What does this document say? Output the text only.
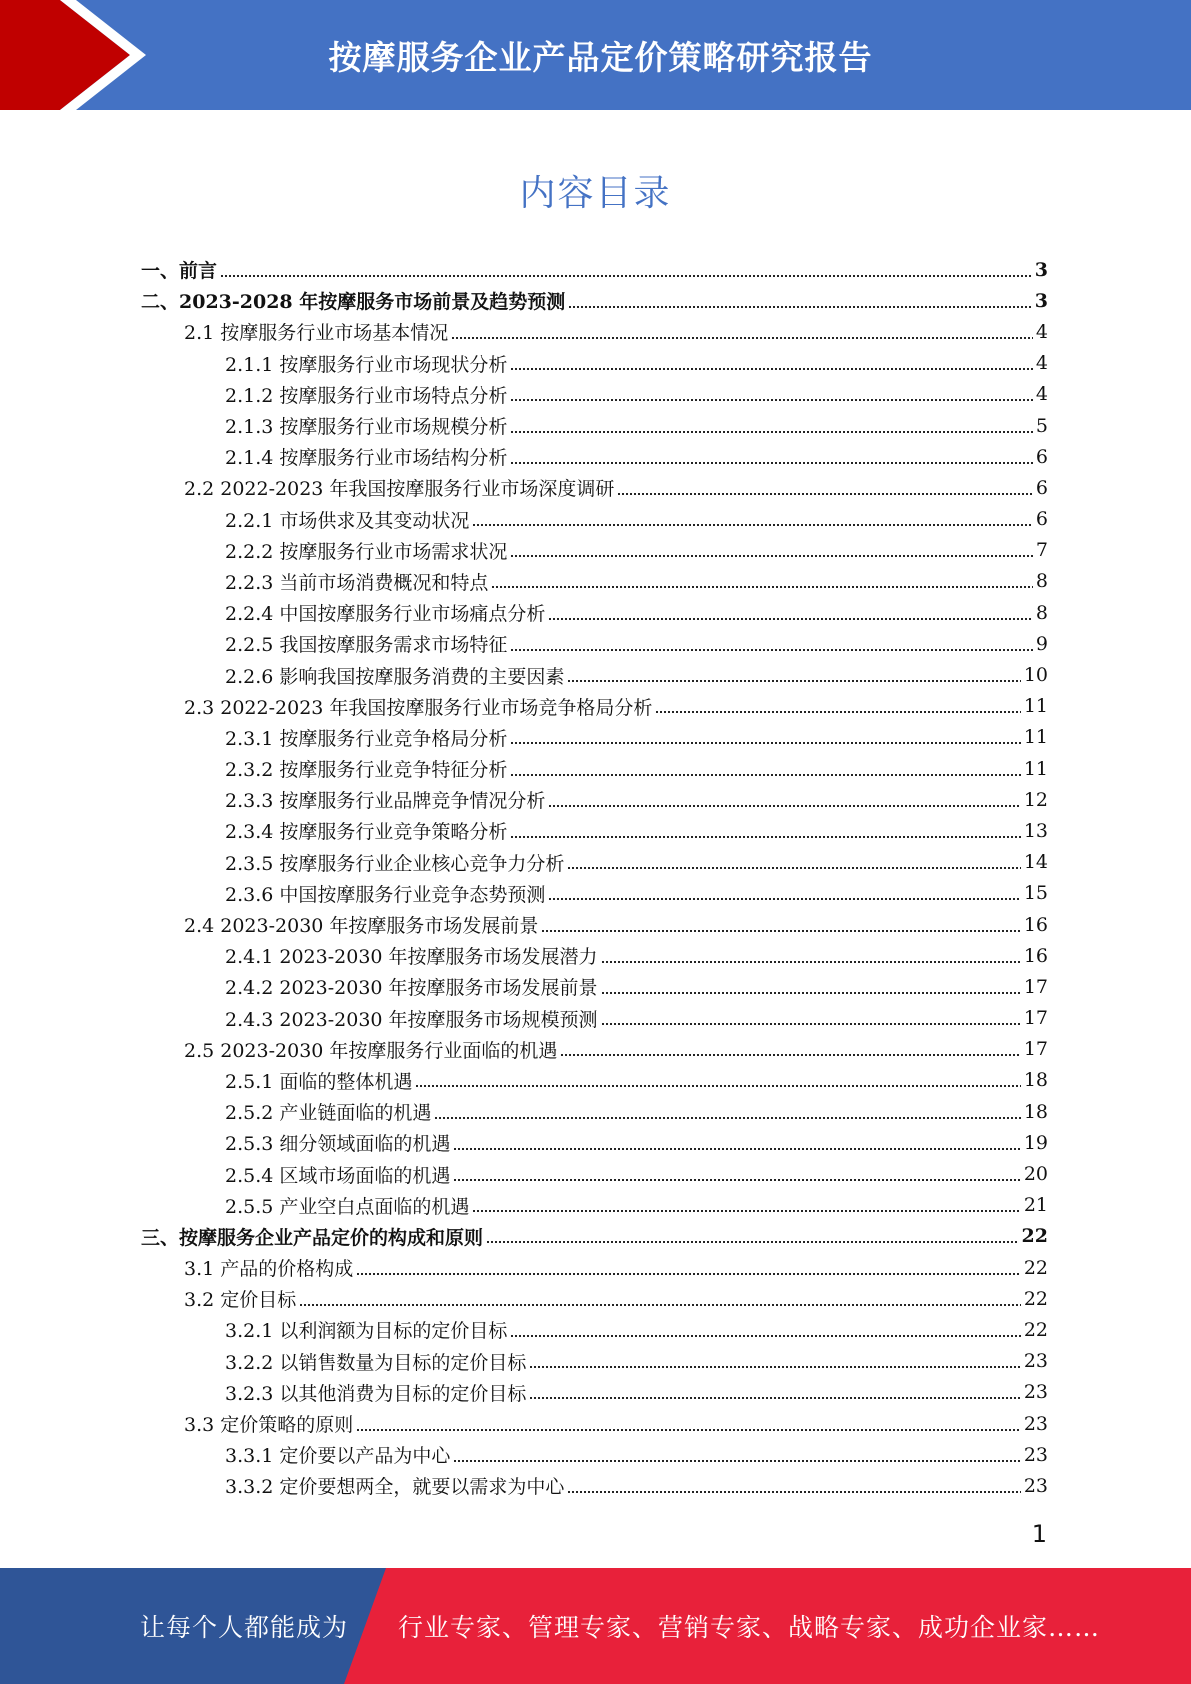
按摩服务企业产品定价策略研究报告
内容目录
一、前言	3
二、2023-2028 年按摩服务市场前景及趋势预测	3
2.1 按摩服务行业市场基本情况	4
2.1.1 按摩服务行业市场现状分析	4
2.1.2 按摩服务行业市场特点分析	4
2.1.3 按摩服务行业市场规模分析	5
2.1.4 按摩服务行业市场结构分析	6
2.2 2022-2023 年我国按摩服务行业市场深度调研	6
2.2.1 市场供求及其变动状况	6
2.2.2 按摩服务行业市场需求状况	7
2.2.3 当前市场消费概况和特点	8
2.2.4 中国按摩服务行业市场痛点分析	8
2.2.5 我国按摩服务需求市场特征	9
2.2.6 影响我国按摩服务消费的主要因素	10
2.3 2022-2023 年我国按摩服务行业市场竞争格局分析	11
2.3.1 按摩服务行业竞争格局分析	11
2.3.2 按摩服务行业竞争特征分析	11
2.3.3 按摩服务行业品牌竞争情况分析	12
2.3.4 按摩服务行业竞争策略分析	13
2.3.5 按摩服务行业企业核心竞争力分析	14
2.3.6 中国按摩服务行业竞争态势预测	15
2.4 2023-2030 年按摩服务市场发展前景	16
2.4.1 2023-2030 年按摩服务市场发展潜力	16
2.4.2 2023-2030 年按摩服务市场发展前景	17
2.4.3 2023-2030 年按摩服务市场规模预测	17
2.5 2023-2030 年按摩服务行业面临的机遇	17
2.5.1 面临的整体机遇	18
2.5.2 产业链面临的机遇	18
2.5.3 细分领域面临的机遇	19
2.5.4 区域市场面临的机遇	20
2.5.5 产业空白点面临的机遇	21
三、按摩服务企业产品定价的构成和原则	22
3.1 产品的价格构成	22
3.2 定价目标	22
3.2.1 以利润额为目标的定价目标	22
3.2.2 以销售数量为目标的定价目标	23
3.2.3 以其他消费为目标的定价目标	23
3.3 定价策略的原则	23
3.3.1 定价要以产品为中心	23
3.3.2 定价要想两全，就要以需求为中心	23
1
让每个人都能成为 行业专家、管理专家、营销专家、战略专家、成功企业家……
